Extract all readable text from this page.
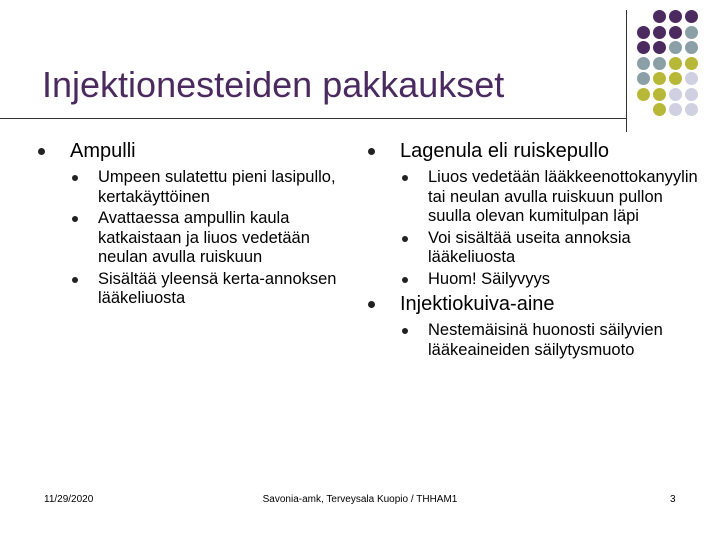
Injektionesteiden pakkaukset
Ampulli
Umpeen sulatettu pieni lasipullo, kertakäyttöinen
Avattaessa ampullin kaula katkaistaan ja liuos vedetään neulan avulla ruiskuun
Sisältää yleensä kerta-annoksen lääkeliuosta
Lagenula eli ruiskepullo
Liuos vedetään lääkkeenottokanyylin tai neulan avulla ruiskuun pullon suulla olevan kumitulpan läpi
Voi sisältää useita annoksia lääkeliuosta
Huom! Säilyvyys
Injektiokuiva-aine
Nestemäisinä huonosti säilyvien lääkeaineiden säilytysmuoto
11/29/2020	Savonia-amk, Terveysala Kuopio / THHAM1	3
